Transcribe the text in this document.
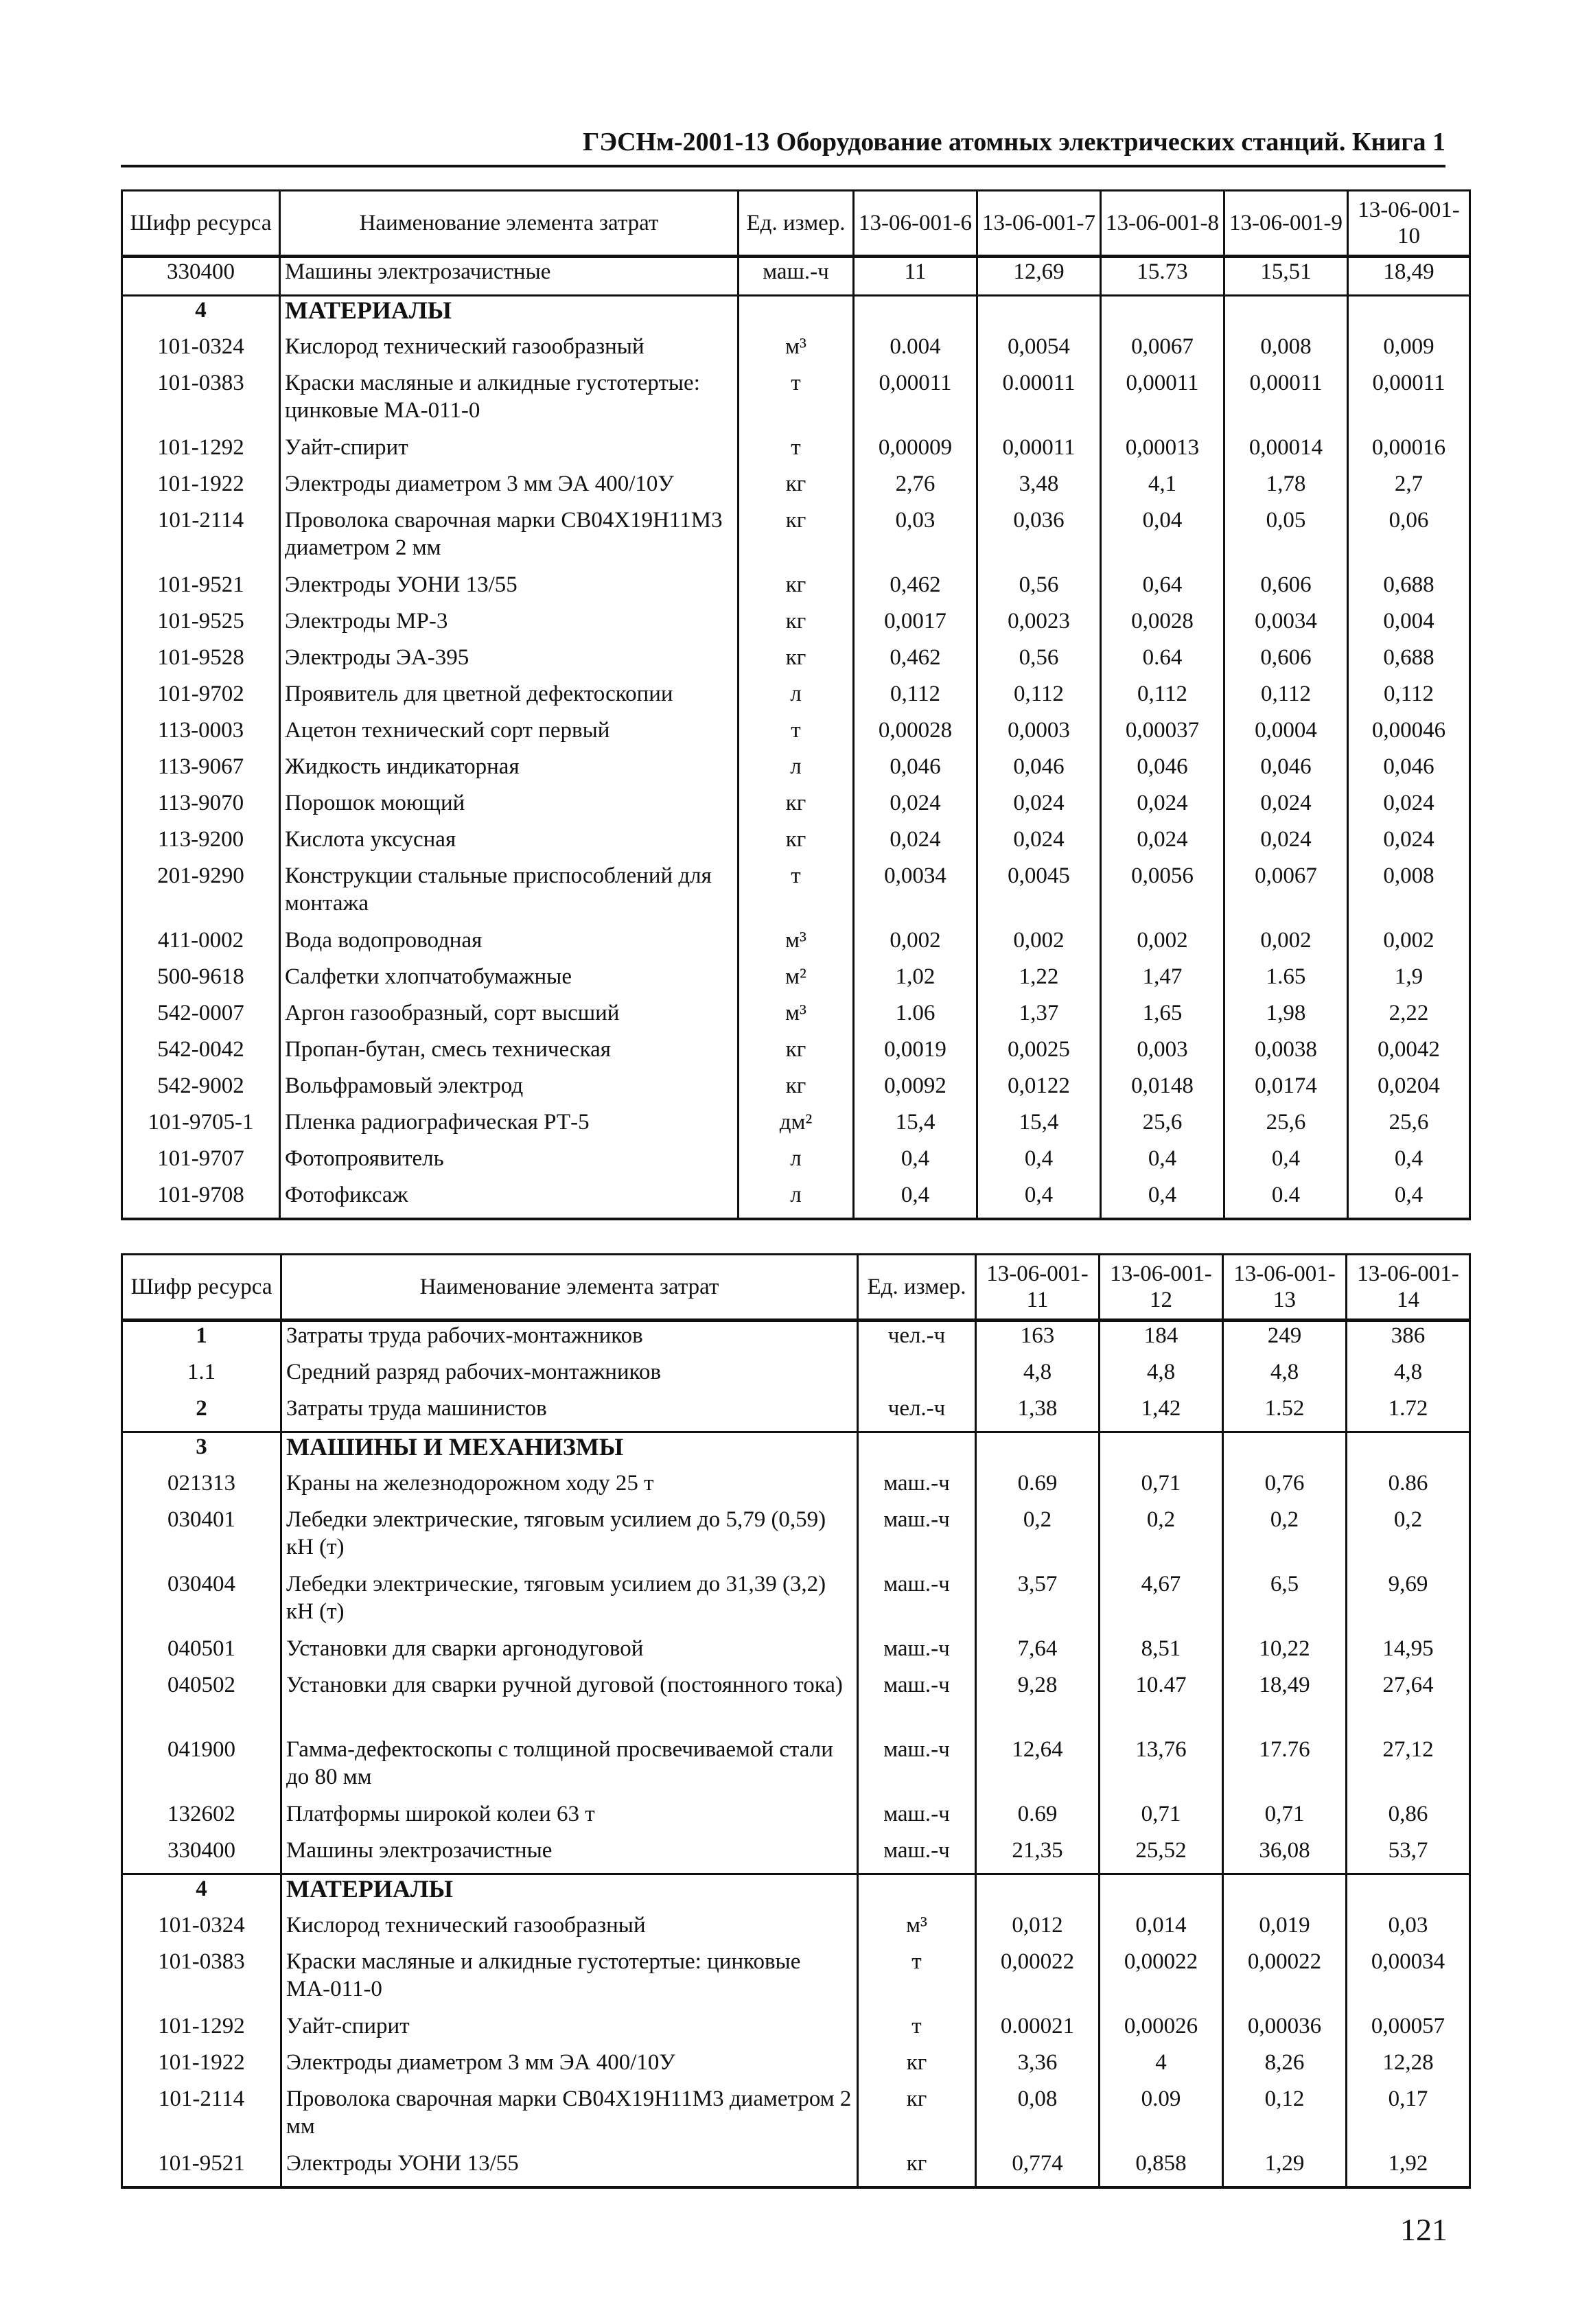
ГЭСНм-2001-13 Оборудование атомных электрических станций. Книга 1
Шифр ресурса	Наименование элемента затрат	Ед. измер.	13-06-001-6	13-06-001-7	13-06-001-8	13-06-001-9	13-06-001-10
330400	Машины электрозачистные	маш.-ч	11	12,69	15.73	15,51	18,49
4	МАТЕРИАЛЫ						
101-0324	Кислород технический газообразный	м³	0.004	0,0054	0,0067	0,008	0,009
101-0383	Краски масляные и алкидные густотертые: цинковые МА-011-0	т	0,00011	0.00011	0,00011	0,00011	0,00011
101-1292	Уайт-спирит	т	0,00009	0,00011	0,00013	0,00014	0,00016
101-1922	Электроды диаметром 3 мм ЭА 400/10У	кг	2,76	3,48	4,1	1,78	2,7
101-2114	Проволока сварочная марки СВ04Х19Н11М3 диаметром 2 мм	кг	0,03	0,036	0,04	0,05	0,06
101-9521	Электроды УОНИ 13/55	кг	0,462	0,56	0,64	0,606	0,688
101-9525	Электроды МР-3	кг	0,0017	0,0023	0,0028	0,0034	0,004
101-9528	Электроды ЭА-395	кг	0,462	0,56	0.64	0,606	0,688
101-9702	Проявитель для цветной дефектоскопии	л	0,112	0,112	0,112	0,112	0,112
113-0003	Ацетон технический сорт первый	т	0,00028	0,0003	0,00037	0,0004	0,00046
113-9067	Жидкость индикаторная	л	0,046	0,046	0,046	0,046	0,046
113-9070	Порошок моющий	кг	0,024	0,024	0,024	0,024	0,024
113-9200	Кислота уксусная	кг	0,024	0,024	0,024	0,024	0,024
201-9290	Конструкции стальные приспособлений для монтажа	т	0,0034	0,0045	0,0056	0,0067	0,008
411-0002	Вода водопроводная	м³	0,002	0,002	0,002	0,002	0,002
500-9618	Салфетки хлопчатобумажные	м²	1,02	1,22	1,47	1.65	1,9
542-0007	Аргон газообразный, сорт высший	м³	1.06	1,37	1,65	1,98	2,22
542-0042	Пропан-бутан, смесь техническая	кг	0,0019	0,0025	0,003	0,0038	0,0042
542-9002	Вольфрамовый электрод	кг	0,0092	0,0122	0,0148	0,0174	0,0204
101-9705-1	Пленка радиографическая РТ-5	дм²	15,4	15,4	25,6	25,6	25,6
101-9707	Фотопроявитель	л	0,4	0,4	0,4	0,4	0,4
101-9708	Фотофиксаж	л	0,4	0,4	0,4	0.4	0,4
Шифр ресурса	Наименование элемента затрат	Ед. измер.	13-06-001-11	13-06-001-12	13-06-001-13	13-06-001-14
1	Затраты труда рабочих-монтажников	чел.-ч	163	184	249	386
1.1	Средний разряд рабочих-монтажников		4,8	4,8	4,8	4,8
2	Затраты труда машинистов	чел.-ч	1,38	1,42	1.52	1.72
3	МАШИНЫ И МЕХАНИЗМЫ					
021313	Краны на железнодорожном ходу 25 т	маш.-ч	0.69	0,71	0,76	0.86
030401	Лебедки электрические, тяговым усилием до 5,79 (0,59) кН (т)	маш.-ч	0,2	0,2	0,2	0,2
030404	Лебедки электрические, тяговым усилием до 31,39 (3,2) кН (т)	маш.-ч	3,57	4,67	6,5	9,69
040501	Установки для сварки аргонодуговой	маш.-ч	7,64	8,51	10,22	14,95
040502	Установки для сварки ручной дуговой (постоянного тока)	маш.-ч	9,28	10.47	18,49	27,64
041900	Гамма-дефектоскопы с толщиной просвечиваемой стали до 80 мм	маш.-ч	12,64	13,76	17.76	27,12
132602	Платформы широкой колеи 63 т	маш.-ч	0.69	0,71	0,71	0,86
330400	Машины электрозачистные	маш.-ч	21,35	25,52	36,08	53,7
4	МАТЕРИАЛЫ					
101-0324	Кислород технический газообразный	м³	0,012	0,014	0,019	0,03
101-0383	Краски масляные и алкидные густотертые: цинковые МА-011-0	т	0,00022	0,00022	0,00022	0,00034
101-1292	Уайт-спирит	т	0.00021	0,00026	0,00036	0,00057
101-1922	Электроды диаметром 3 мм ЭА 400/10У	кг	3,36	4	8,26	12,28
101-2114	Проволока сварочная марки СВ04Х19Н11М3 диаметром 2 мм	кг	0,08	0.09	0,12	0,17
101-9521	Электроды УОНИ 13/55	кг	0,774	0,858	1,29	1,92
121
